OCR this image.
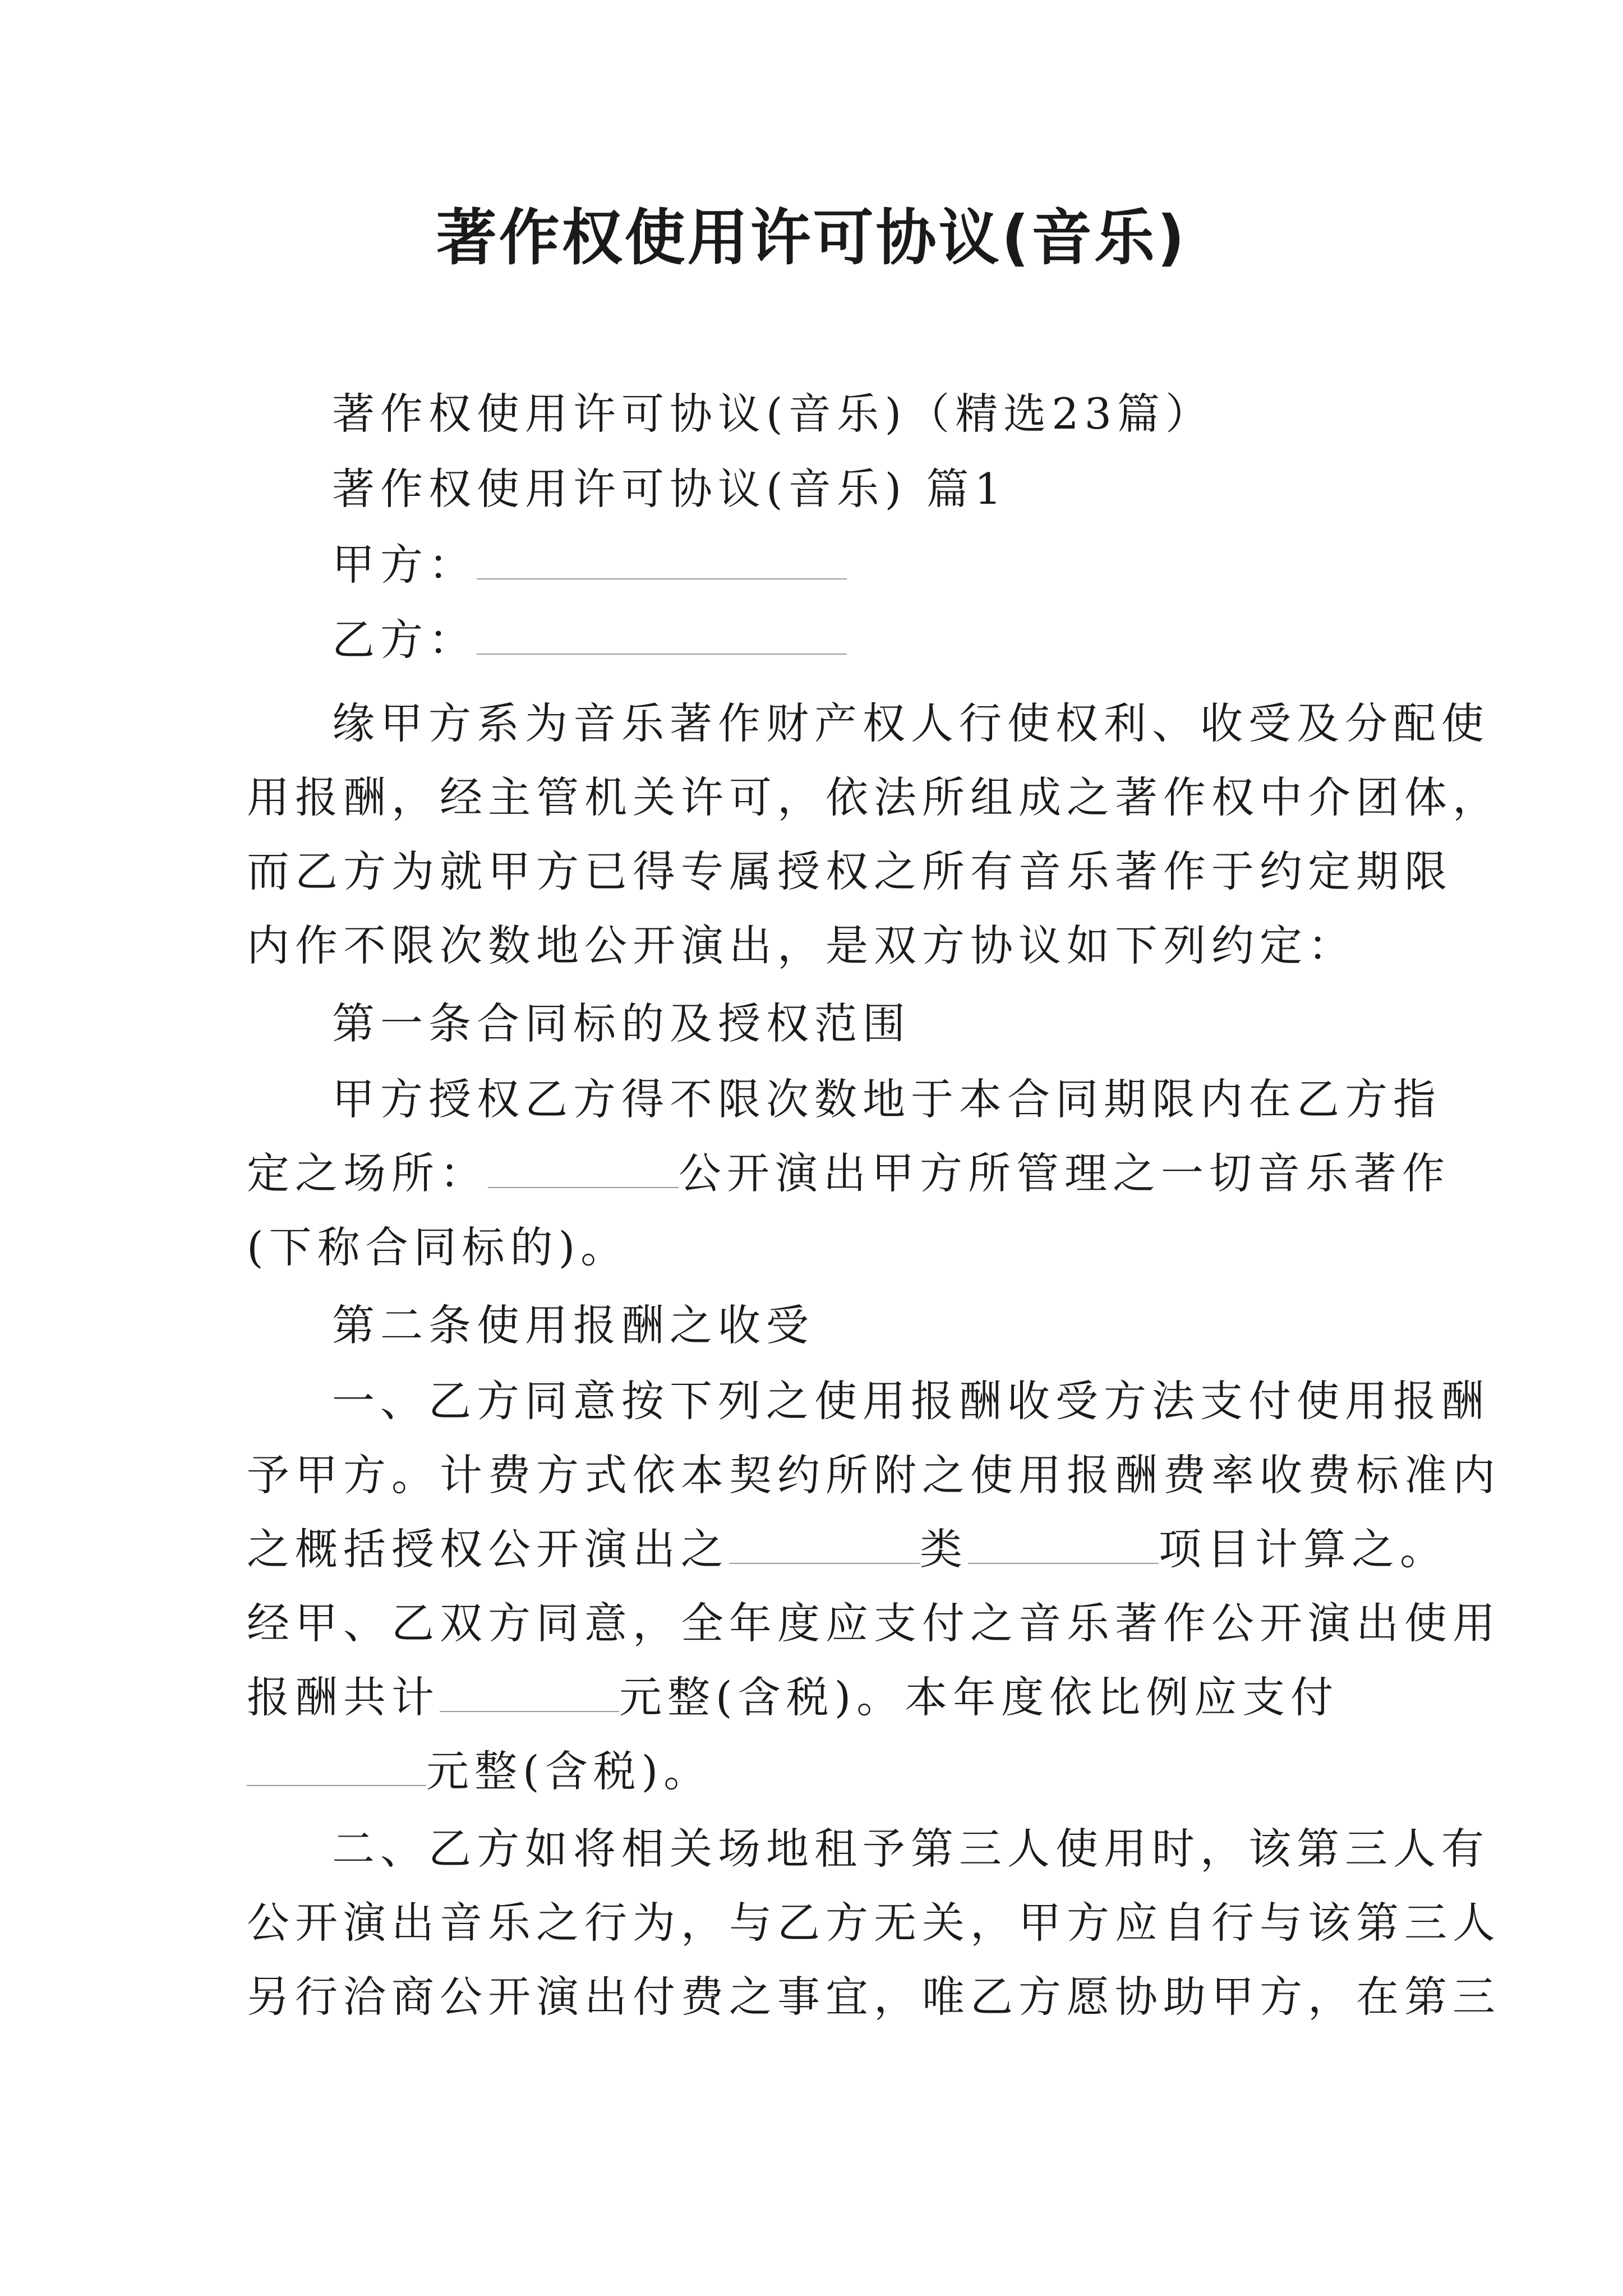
著作权使用许可协议(音乐)
著作权使用许可协议(音乐)（精选23篇）
著作权使用许可协议(音乐) 篇1
甲方：
乙方：
缘甲方系为音乐著作财产权人行使权利、收受及分配使
用报酬，经主管机关许可，依法所组成之著作权中介团体，
而乙方为就甲方已得专属授权之所有音乐著作于约定期限
内作不限次数地公开演出，是双方协议如下列约定：
第一条合同标的及授权范围
甲方授权乙方得不限次数地于本合同期限内在乙方指
定之场所：	公开演出甲方所管理之一切音乐著作
(下称合同标的)。
第二条使用报酬之收受
一、乙方同意按下列之使用报酬收受方法支付使用报酬
予甲方。计费方式依本契约所附之使用报酬费率收费标准内
之概括授权公开演出之	类	项目计算之。
经甲、乙双方同意，全年度应支付之音乐著作公开演出使用
报酬共计	元整(含税)。本年度依比例应支付
元整(含税)。
二、乙方如将相关场地租予第三人使用时，该第三人有
公开演出音乐之行为，与乙方无关，甲方应自行与该第三人
另行洽商公开演出付费之事宜，唯乙方愿协助甲方，在第三
